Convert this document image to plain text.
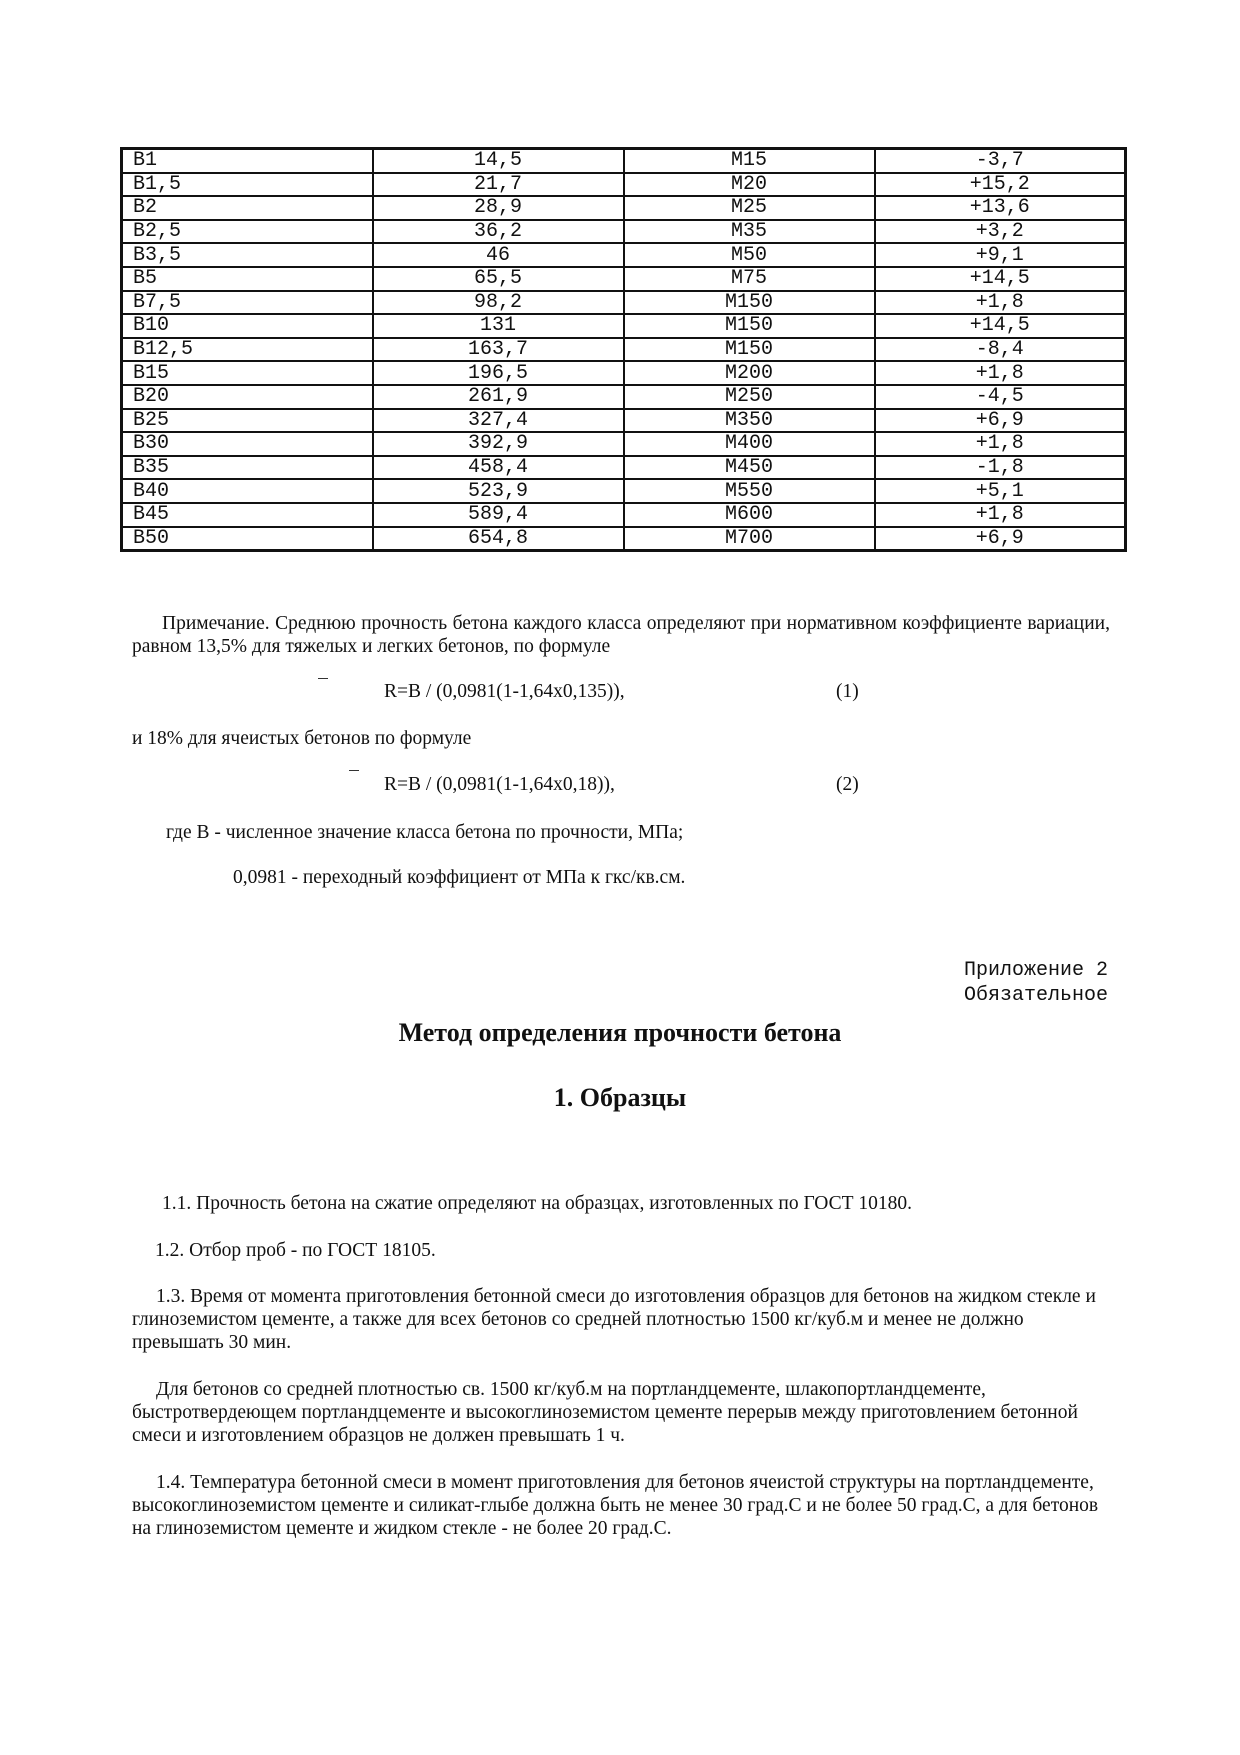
В1	14,5	М15	-3,7
В1,5	21,7	М20	+15,2
В2	28,9	М25	+13,6
В2,5	36,2	М35	+3,2
В3,5	46	М50	+9,1
В5	65,5	М75	+14,5
В7,5	98,2	М150	+1,8
В10	131	М150	+14,5
В12,5	163,7	М150	-8,4
В15	196,5	М200	+1,8
В20	261,9	М250	-4,5
В25	327,4	М350	+6,9
В30	392,9	М400	+1,8
В35	458,4	М450	-1,8
В40	523,9	М550	+5,1
В45	589,4	М600	+1,8
В50	654,8	М700	+6,9
Примечание. Среднюю прочность бетона каждого класса определяют при нормативном коэффициенте вариации, равном 13,5% для тяжелых и легких бетонов, по формуле
R=В / (0,0981(1-1,64x0,135)),	(1)
и 18% для ячеистых бетонов по формуле
R=В / (0,0981(1-1,64x0,18)),	(2)
где В - численное значение класса бетона по прочности, МПа;
0,0981 - переходный коэффициент от МПа к гкс/кв.см.
Приложение 2
Обязательное
Метод определения прочности бетона
1. Образцы
1.1. Прочность бетона на сжатие определяют на образцах, изготовленных по ГОСТ 10180.
1.2. Отбор проб - по ГОСТ 18105.
1.3. Время от момента приготовления бетонной смеси до изготовления образцов для бетонов на жидком стекле и глиноземистом цементе, а также для всех бетонов со средней плотностью 1500 кг/куб.м и менее не должно превышать 30 мин.
Для бетонов со средней плотностью св. 1500 кг/куб.м на портландцементе, шлакопортландцементе, быстротвердеющем портландцементе и высокоглиноземистом цементе перерыв между приготовлением бетонной смеси и изготовлением образцов не должен превышать 1 ч.
1.4. Температура бетонной смеси в момент приготовления для бетонов ячеистой структуры на портландцементе, высокоглиноземистом цементе и силикат-глыбе должна быть не менее 30 град.С и не более 50 град.С, а для бетонов на глиноземистом цементе и жидком стекле - не более 20 град.С.
